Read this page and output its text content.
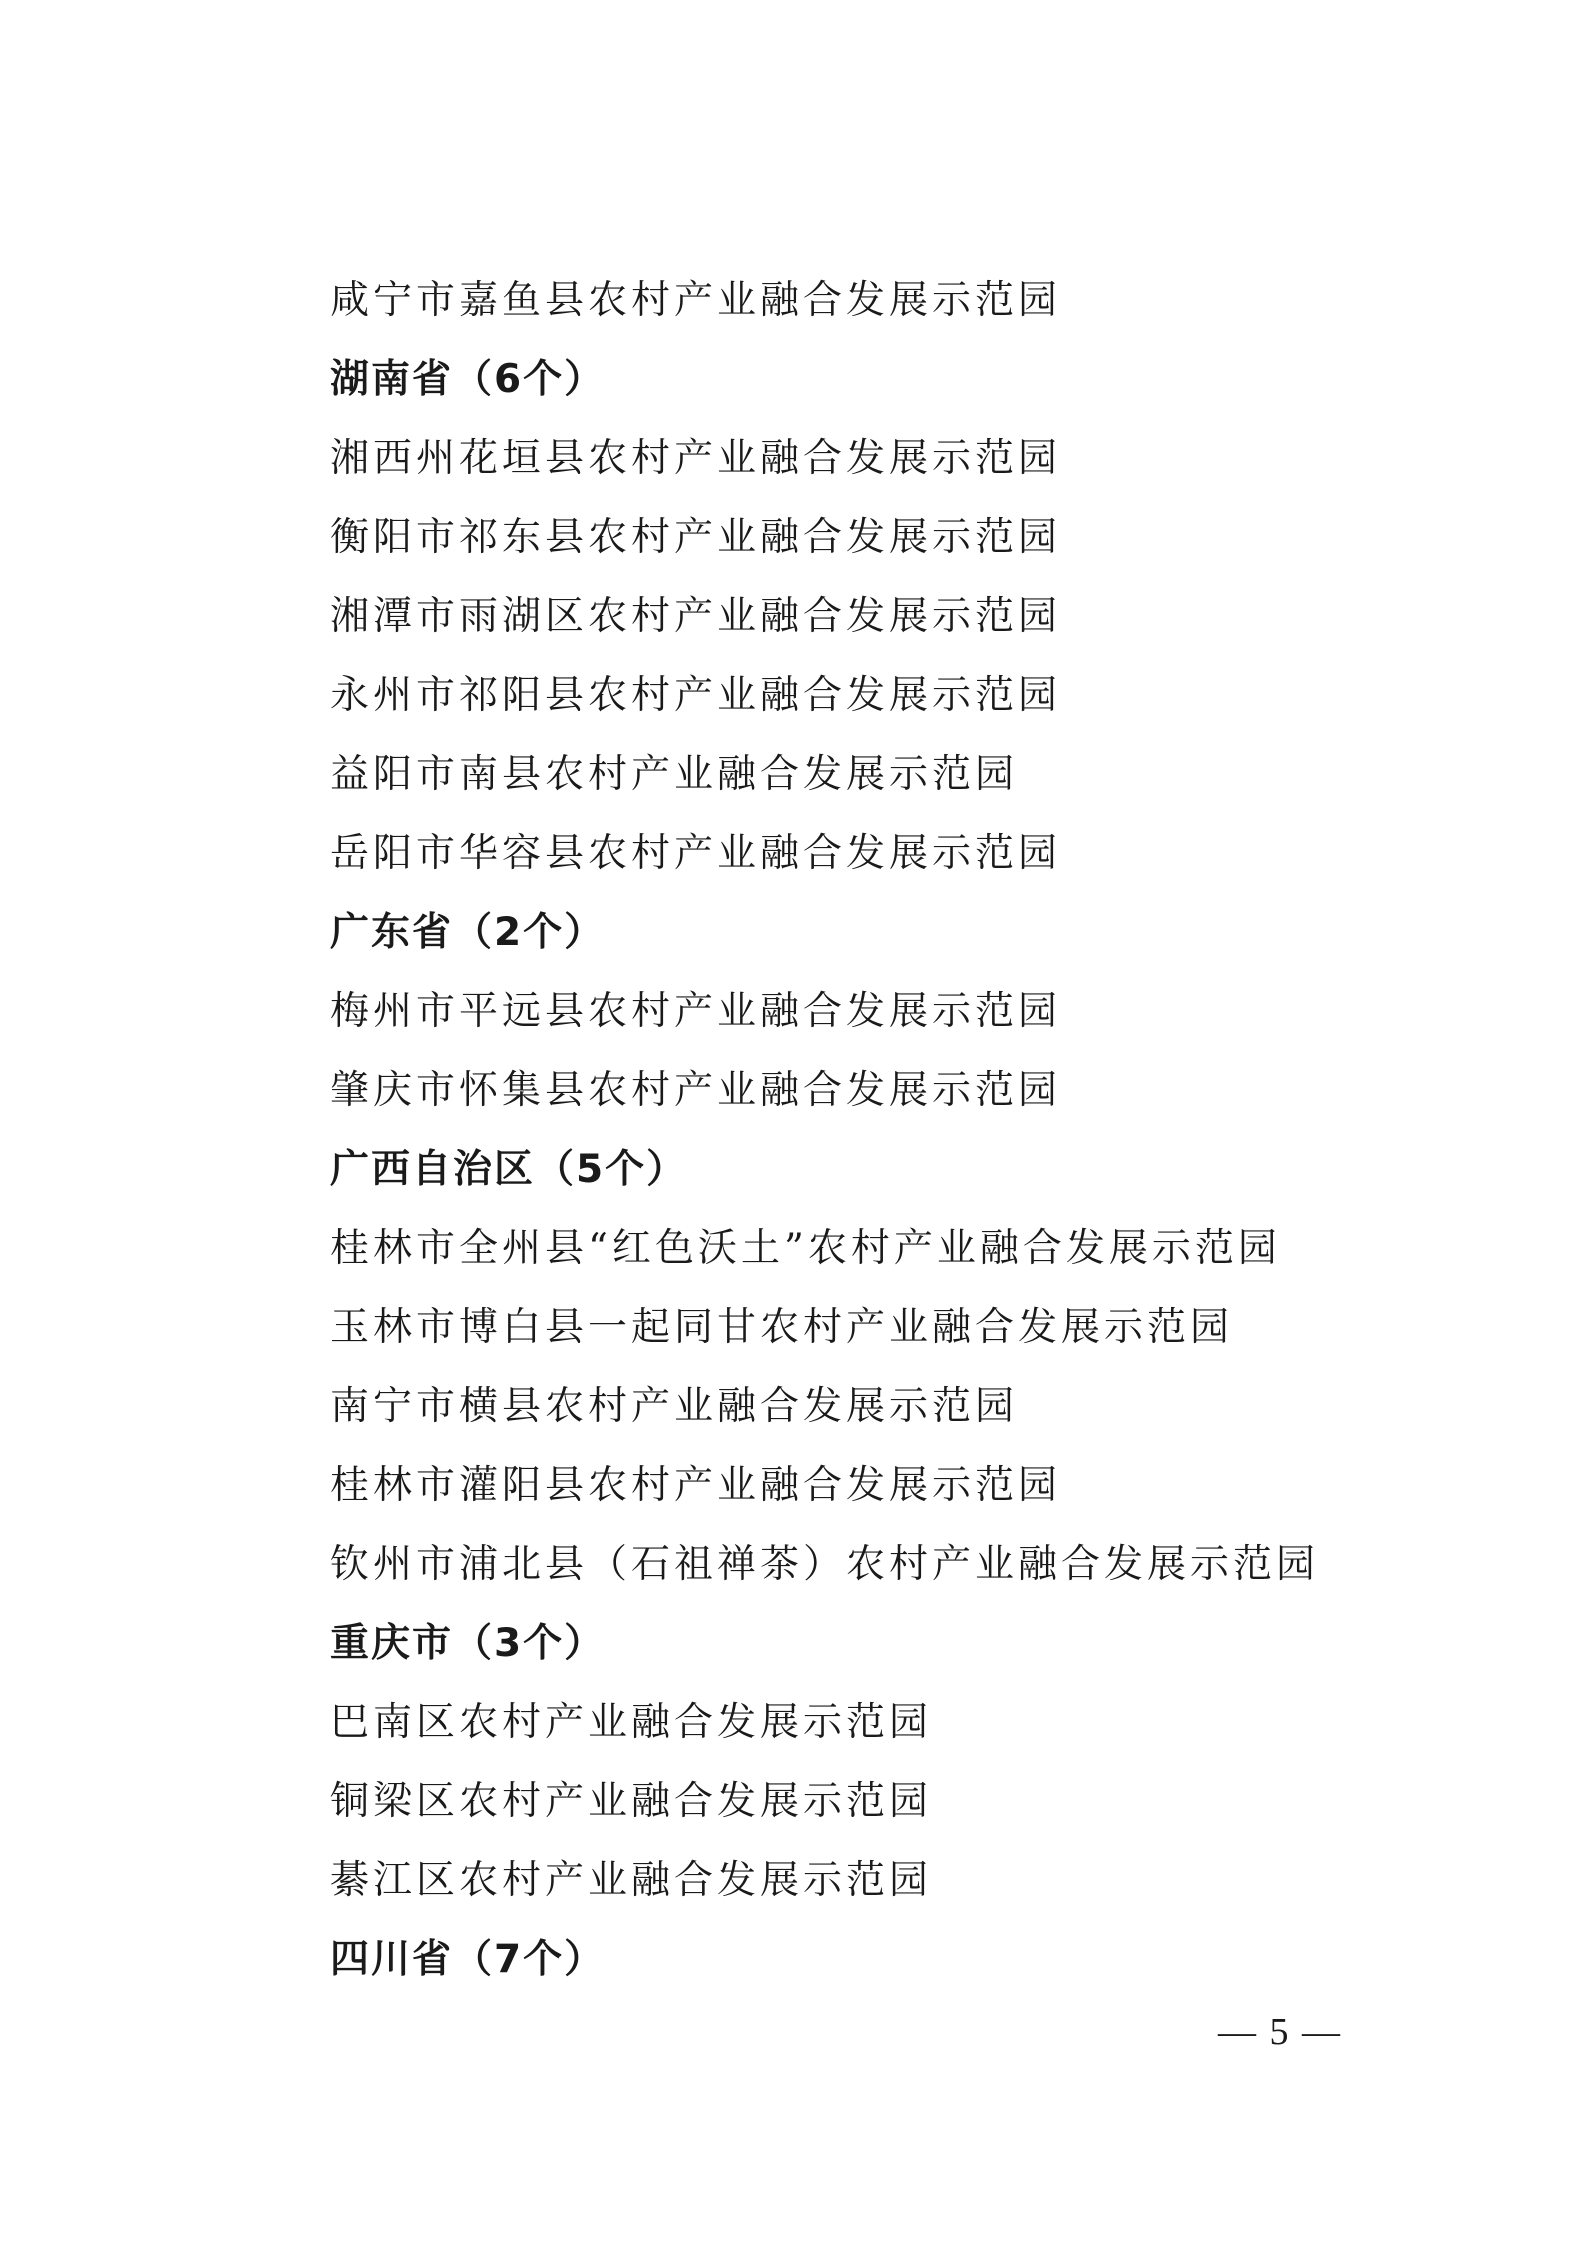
咸宁市嘉鱼县农村产业融合发展示范园
湖南省（6个）
湘西州花垣县农村产业融合发展示范园
衡阳市祁东县农村产业融合发展示范园
湘潭市雨湖区农村产业融合发展示范园
永州市祁阳县农村产业融合发展示范园
益阳市南县农村产业融合发展示范园
岳阳市华容县农村产业融合发展示范园
广东省（2个）
梅州市平远县农村产业融合发展示范园
肇庆市怀集县农村产业融合发展示范园
广西自治区（5个）
桂林市全州县“红色沃土”农村产业融合发展示范园
玉林市博白县一起同甘农村产业融合发展示范园
南宁市横县农村产业融合发展示范园
桂林市灌阳县农村产业融合发展示范园
钦州市浦北县（石祖禅茶）农村产业融合发展示范园
重庆市（3个）
巴南区农村产业融合发展示范园
铜梁区农村产业融合发展示范园
綦江区农村产业融合发展示范园
四川省（7个）
— 5 —
